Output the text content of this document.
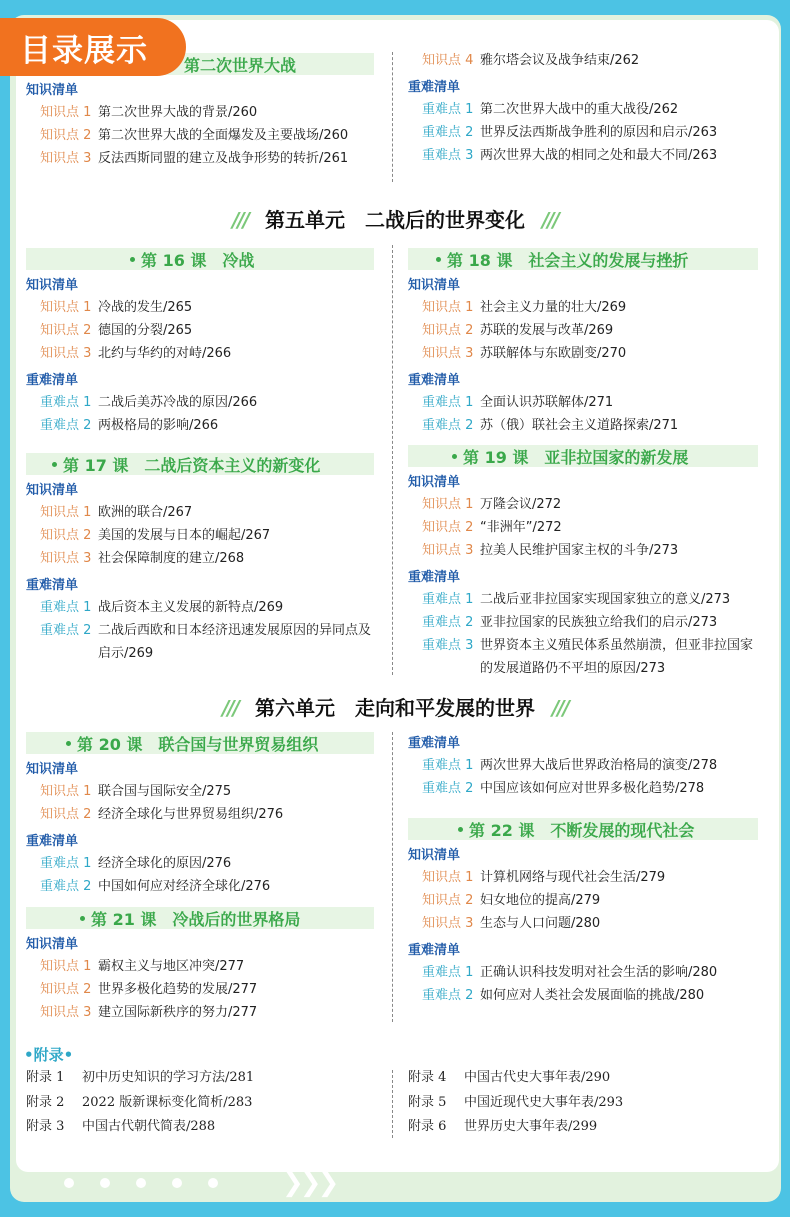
目录展示 第二次世界大战
知识清单
知识点 1 第二次世界大战的背景/260
知识点 2 第二次世界大战的全面爆发及主要战场/260
知识点 3 反法西斯同盟的建立及战争形势的转折/261
知识点 4 雅尔塔会议及战争结束/262
重难清单
重难点 1 第二次世界大战中的重大战役/262
重难点 2 世界反法西斯战争胜利的原因和启示/263
重难点 3 两次世界大战的相同之处和最大不同/263
/// 第五单元　二战后的世界变化 ///
第 16 课　冷战
知识清单
知识点 1 冷战的发生/265
知识点 2 德国的分裂/265
知识点 3 北约与华约的对峙/266
重难清单
重难点 1 二战后美苏冷战的原因/266
重难点 2 两极格局的影响/266
第 17 课　二战后资本主义的新变化
知识清单
知识点 1 欧洲的联合/267
知识点 2 美国的发展与日本的崛起/267
知识点 3 社会保障制度的建立/268
重难清单
重难点 1 战后资本主义发展的新特点/269
重难点 2 二战后西欧和日本经济迅速发展原因的异同点及启示/269
第 18 课　社会主义的发展与挫折
知识清单
知识点 1 社会主义力量的壮大/269
知识点 2 苏联的发展与改革/269
知识点 3 苏联解体与东欧剧变/270
重难清单
重难点 1 全面认识苏联解体/271
重难点 2 苏（俄）联社会主义道路探索/271
第 19 课　亚非拉国家的新发展
知识清单
知识点 1 万隆会议/272
知识点 2 “非洲年”/272
知识点 3 拉美人民维护国家主权的斗争/273
重难清单
重难点 1 二战后亚非拉国家实现国家独立的意义/273
重难点 2 亚非拉国家的民族独立给我们的启示/273
重难点 3 世界资本主义殖民体系虽然崩溃，但亚非拉国家的发展道路仍不平坦的原因/273
/// 第六单元　走向和平发展的世界 ///
第 20 课　联合国与世界贸易组织
知识清单
知识点 1 联合国与国际安全/275
知识点 2 经济全球化与世界贸易组织/276
重难清单
重难点 1 经济全球化的原因/276
重难点 2 中国如何应对经济全球化/276
第 21 课　冷战后的世界格局
知识清单
知识点 1 霸权主义与地区冲突/277
知识点 2 世界多极化趋势的发展/277
知识点 3 建立国际新秩序的努力/277
重难清单
重难点 1 两次世界大战后世界政治格局的演变/278
重难点 2 中国应该如何应对世界多极化趋势/278
第 22 课　不断发展的现代社会
知识清单
知识点 1 计算机网络与现代社会生活/279
知识点 2 妇女地位的提高/279
知识点 3 生态与人口问题/280
重难清单
重难点 1 正确认识科技发明对社会生活的影响/280
重难点 2 如何应对人类社会发展面临的挑战/280
•附录•
附录 1 初中历史知识的学习方法/281
附录 2 2022 版新课标变化简析/283
附录 3 中国古代朝代简表/288
附录 4 中国古代史大事年表/290
附录 5 中国近现代史大事年表/293
附录 6 世界历史大事年表/299
❯❯❯
